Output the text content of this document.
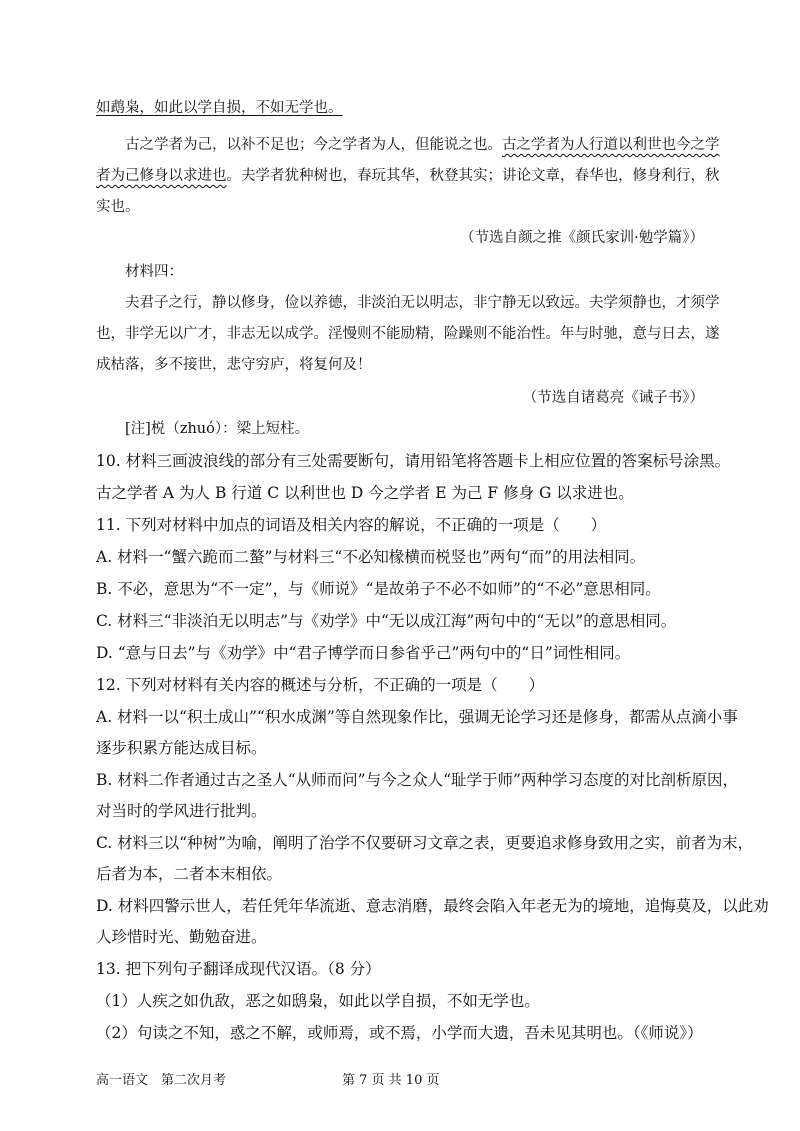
如鹉枭，如此以学自损，不如无学也。

古之学者为己，以补不足也；今之学者为人，但能说之也。古之学者为人行道以利世也今之学

者为己修身以求进也。夫学者犹种树也，春玩其华，秋登其实；讲论文章，春华也，修身利行，秋

实也。

（节选自颜之推《颜氏家训·勉学篇》）

材料四：

夫君子之行，静以修身，俭以养德，非淡泊无以明志，非宁静无以致远。夫学须静也，才须学

也，非学无以广才，非志无以成学。淫慢则不能励精，险躁则不能治性。年与时驰，意与日去，遂

成枯落，多不接世，悲守穷庐，将复何及！

（节选自诸葛亮《诫子书》）

[注]棁（zhuó）：梁上短柱。

10. 材料三画波浪线的部分有三处需要断句，请用铅笔将答题卡上相应位置的答案标号涂黑。

古之学者 A 为人 B 行道 C 以利世也 D 今之学者 E 为己 F 修身 G 以求进也。

11. 下列对材料中加点的词语及相关内容的解说，不正确的一项是（　　）

A. 材料一“蟹六跪而二螯”与材料三“不必知椽横而棁竖也”两句“而”的用法相同。

B. 不必，意思为“不一定”，与《师说》“是故弟子不必不如师”的“不必”意思相同。

C. 材料三“非淡泊无以明志”与《劝学》中“无以成江海”两句中的“无以”的意思相同。

D. “意与日去”与《劝学》中“君子博学而日参省乎己”两句中的“日”词性相同。

12. 下列对材料有关内容的概述与分析，不正确的一项是（　　）

A. 材料一以“积土成山”“积水成渊”等自然现象作比，强调无论学习还是修身，都需从点滴小事

逐步积累方能达成目标。

B. 材料二作者通过古之圣人“从师而问”与今之众人“耻学于师”两种学习态度的对比剖析原因，

对当时的学风进行批判。

C. 材料三以“种树”为喻，阐明了治学不仅要研习文章之表，更要追求修身致用之实，前者为末，

后者为本，二者本末相依。

D. 材料四警示世人，若任凭年华流逝、意志消磨，最终会陷入年老无为的境地，追悔莫及，以此劝

人珍惜时光、勤勉奋进。

13. 把下列句子翻译成现代汉语。（8 分）

（1）人疾之如仇敌，恶之如鸱枭，如此以学自损，不如无学也。

（2）句读之不知，惑之不解，或师焉，或不焉，小学而大遗，吾未见其明也。（《师说》）

高一语文　第二次月考	第 7 页 共 10 页
